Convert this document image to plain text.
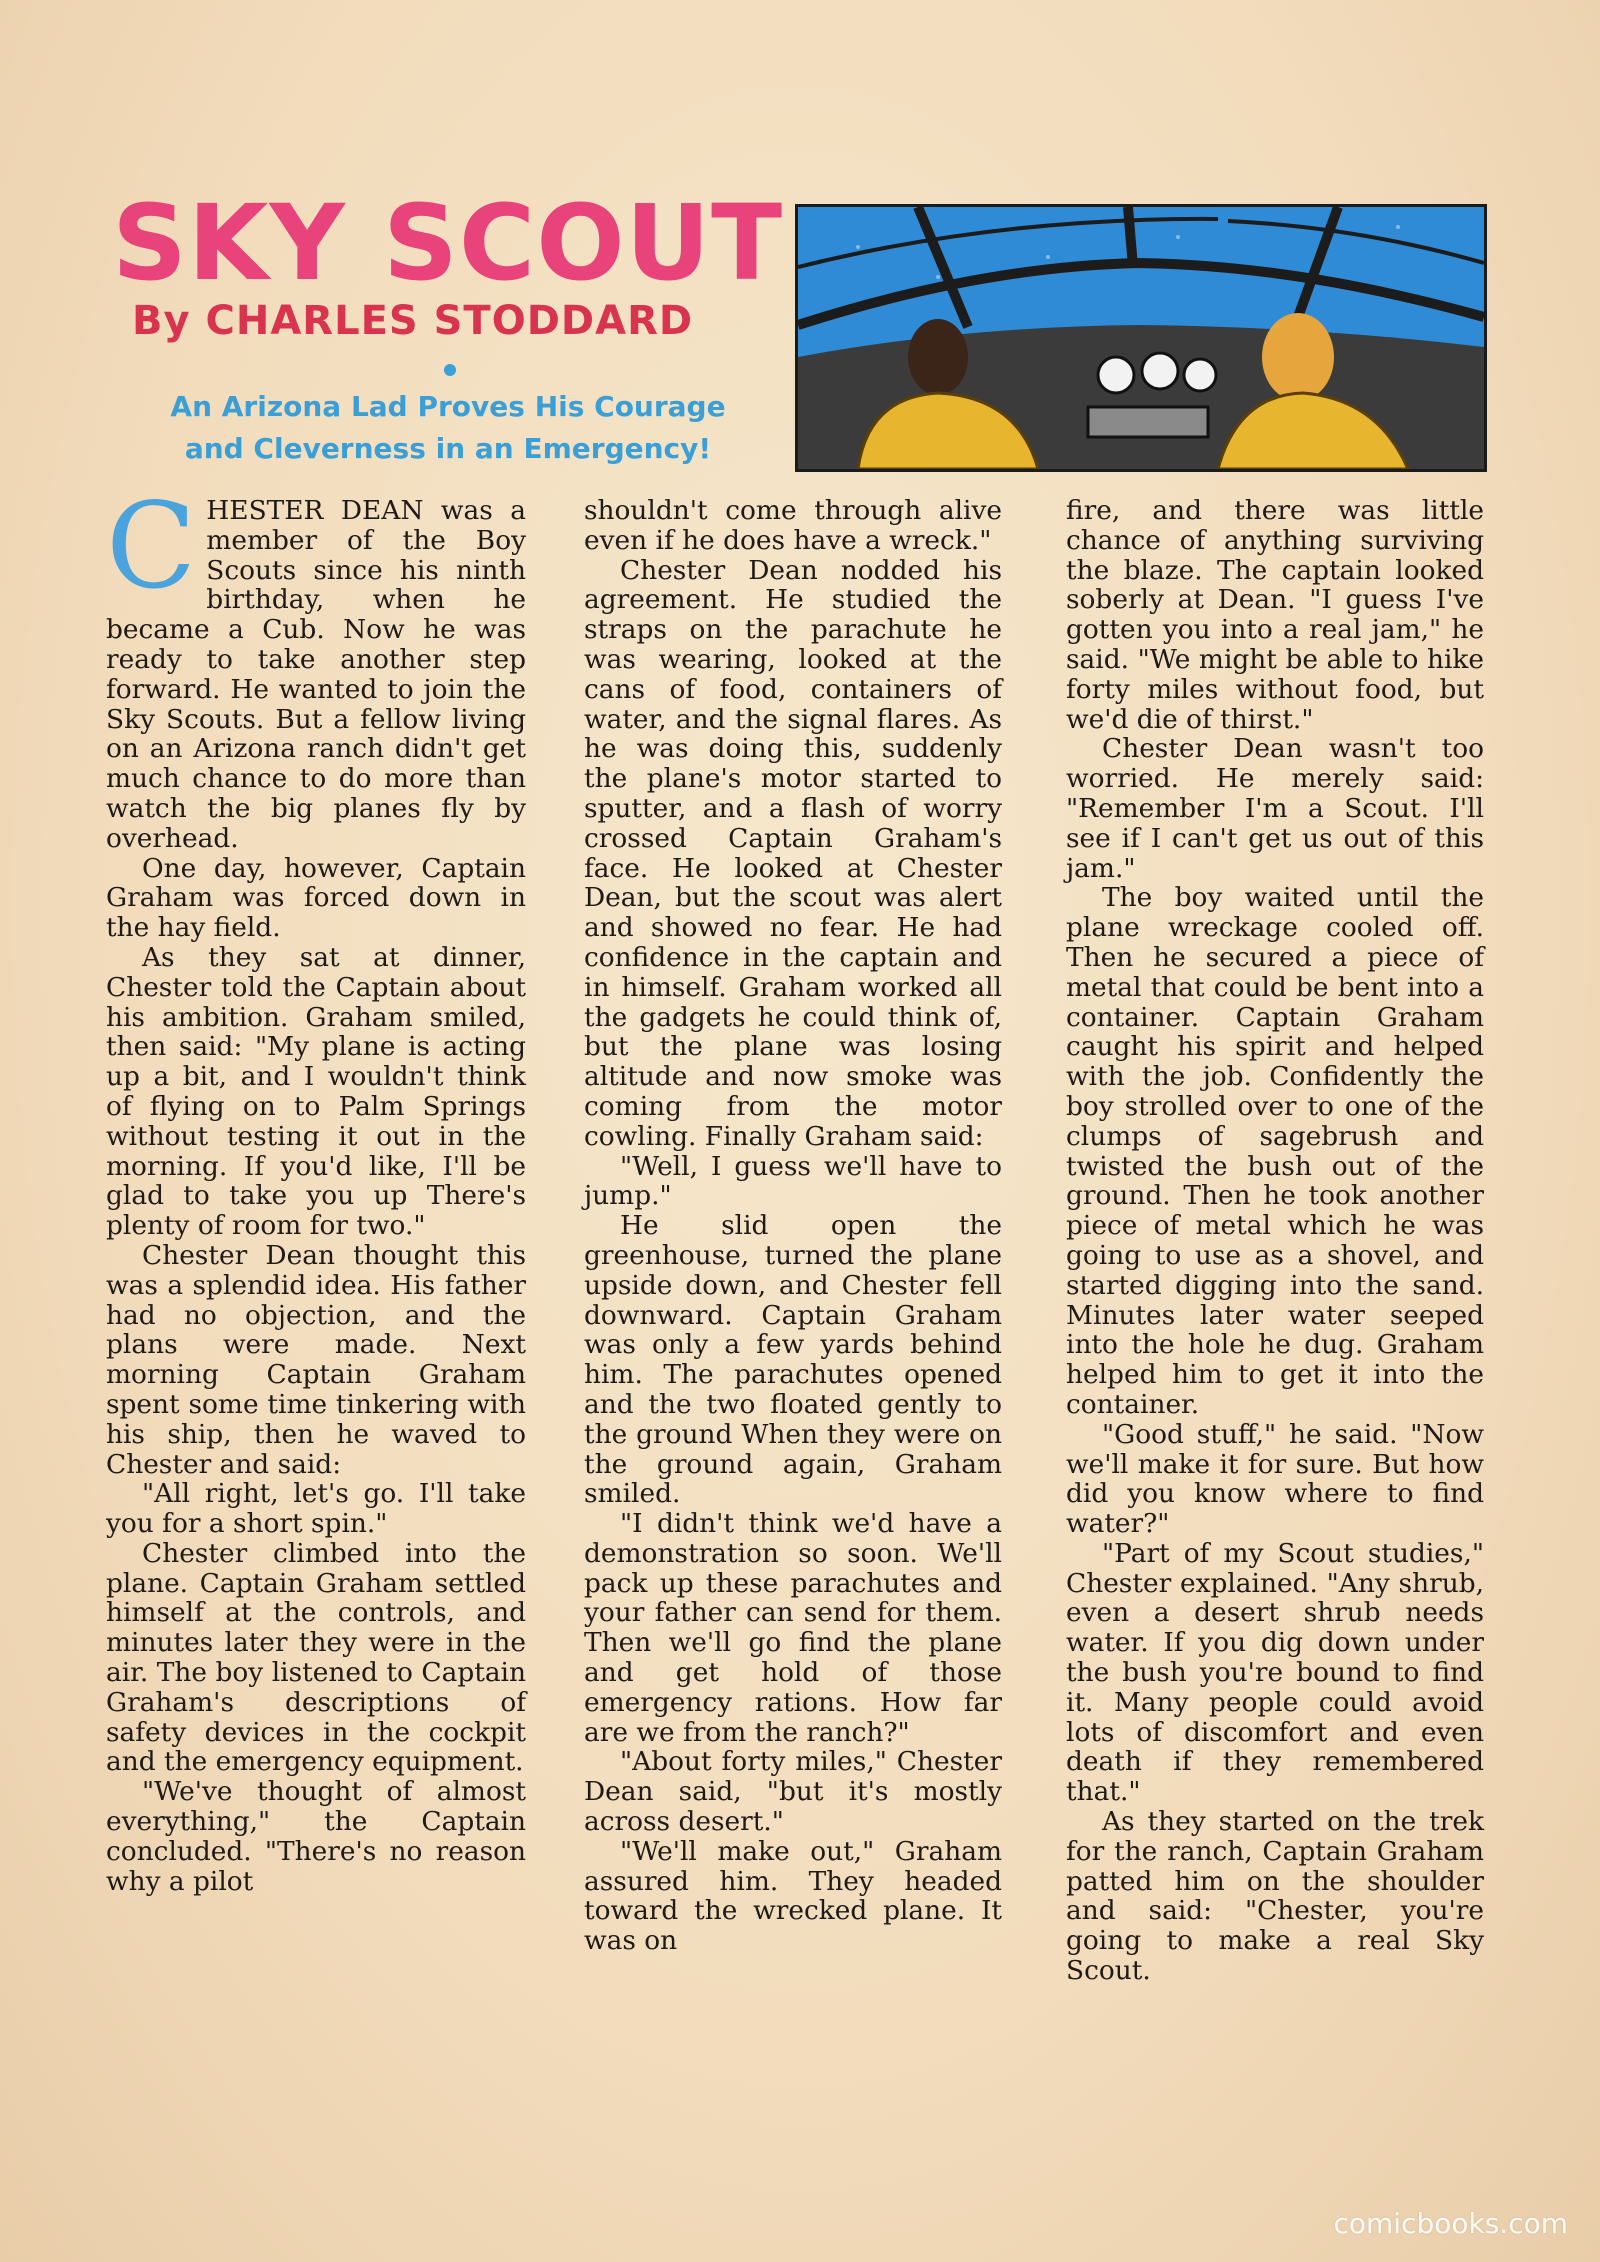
SKY SCOUT
By CHARLES STODDARD
An Arizona Lad Proves His Courage
and Cleverness in an Emergency!

CHESTER DEAN was a member of the Boy Scouts since his ninth birthday, when he became a Cub. Now he was ready to take another step forward. He wanted to join the Sky Scouts. But a fellow living on an Arizona ranch didn't get much chance to do more than watch the big planes fly by overhead.

One day, however, Captain Graham was forced down in the hay field.

As they sat at dinner, Chester told the Captain about his ambition. Graham smiled, then said: "My plane is acting up a bit, and I wouldn't think of flying on to Palm Springs without testing it out in the morning. If you'd like, I'll be glad to take you up There's plenty of room for two."

Chester Dean thought this was a splendid idea. His father had no objection, and the plans were made. Next morning Captain Graham spent some time tinkering with his ship, then he waved to Chester and said:

"All right, let's go. I'll take you for a short spin."

Chester climbed into the plane. Captain Graham settled himself at the controls, and minutes later they were in the air. The boy listened to Captain Graham's descriptions of safety devices in the cockpit and the emergency equipment.

"We've thought of almost everything," the Captain concluded. "There's no reason why a pilot

shouldn't come through alive even if he does have a wreck."

Chester Dean nodded his agreement. He studied the straps on the parachute he was wearing, looked at the cans of food, containers of water, and the signal flares. As he was doing this, suddenly the plane's motor started to sputter, and a flash of worry crossed Captain Graham's face. He looked at Chester Dean, but the scout was alert and showed no fear. He had confidence in the captain and in himself. Graham worked all the gadgets he could think of, but the plane was losing altitude and now smoke was coming from the motor cowling. Finally Graham said:

"Well, I guess we'll have to jump."

He slid open the greenhouse, turned the plane upside down, and Chester fell downward. Captain Graham was only a few yards behind him. The parachutes opened and the two floated gently to the ground When they were on the ground again, Graham smiled.

"I didn't think we'd have a demonstration so soon. We'll pack up these parachutes and your father can send for them. Then we'll go find the plane and get hold of those emergency rations. How far are we from the ranch?"

"About forty miles," Chester Dean said, "but it's mostly across desert."

"We'll make out," Graham assured him. They headed toward the wrecked plane. It was on

fire, and there was little chance of anything surviving the blaze. The captain looked soberly at Dean. "I guess I've gotten you into a real jam," he said. "We might be able to hike forty miles without food, but we'd die of thirst."

Chester Dean wasn't too worried. He merely said: "Remember I'm a Scout. I'll see if I can't get us out of this jam."

The boy waited until the plane wreckage cooled off. Then he secured a piece of metal that could be bent into a container. Captain Graham caught his spirit and helped with the job. Confidently the boy strolled over to one of the clumps of sagebrush and twisted the bush out of the ground. Then he took another piece of metal which he was going to use as a shovel, and started digging into the sand. Minutes later water seeped into the hole he dug. Graham helped him to get it into the container.

"Good stuff," he said. "Now we'll make it for sure. But how did you know where to find water?"

"Part of my Scout studies," Chester explained. "Any shrub, even a desert shrub needs water. If you dig down under the bush you're bound to find it. Many people could avoid lots of discomfort and even death if they remembered that."

As they started on the trek for the ranch, Captain Graham patted him on the shoulder and said: "Chester, you're going to make a real Sky Scout.

comicbooks.com
